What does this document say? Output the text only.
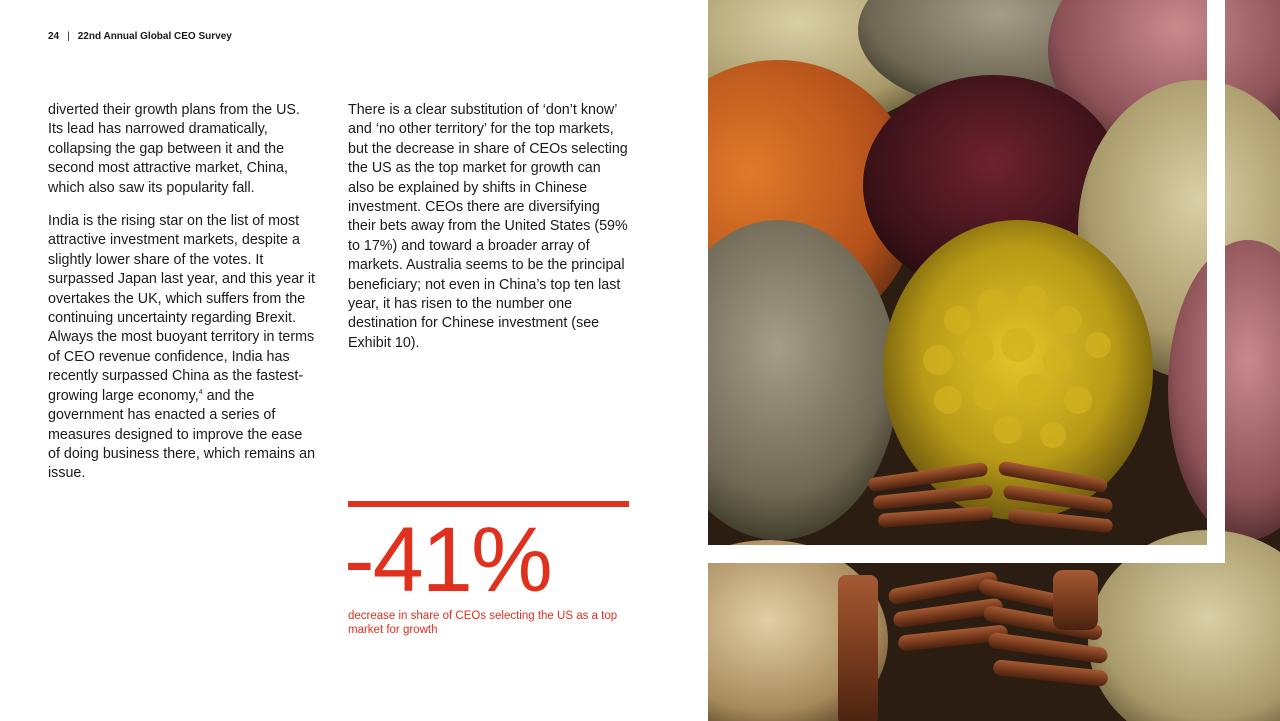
24 | 22nd Annual Global CEO Survey

diverted their growth plans from the US. Its lead has narrowed dramatically, collapsing the gap between it and the second most attractive market, China, which also saw its popularity fall.

India is the rising star on the list of most attractive investment markets, despite a slightly lower share of the votes. It surpassed Japan last year, and this year it overtakes the UK, which suffers from the continuing uncertainty regarding Brexit. Always the most buoyant territory in terms of CEO revenue confidence, India has recently surpassed China as the fastest-growing large economy,$^4$ and the government has enacted a series of measures designed to improve the ease of doing business there, which remains an issue.

There is a clear substitution of ‘don’t know’ and ‘no other territory’ for the top markets, but the decrease in share of CEOs selecting the US as the top market for growth can also be explained by shifts in Chinese investment. CEOs there are diversifying their bets away from the United States (59% to 17%) and toward a broader array of markets. Australia seems to be the principal beneficiary; not even in China’s top ten last year, it has risen to the number one destination for Chinese investment (see Exhibit 10).

-41%
decrease in share of CEOs selecting the US as a top market for growth
